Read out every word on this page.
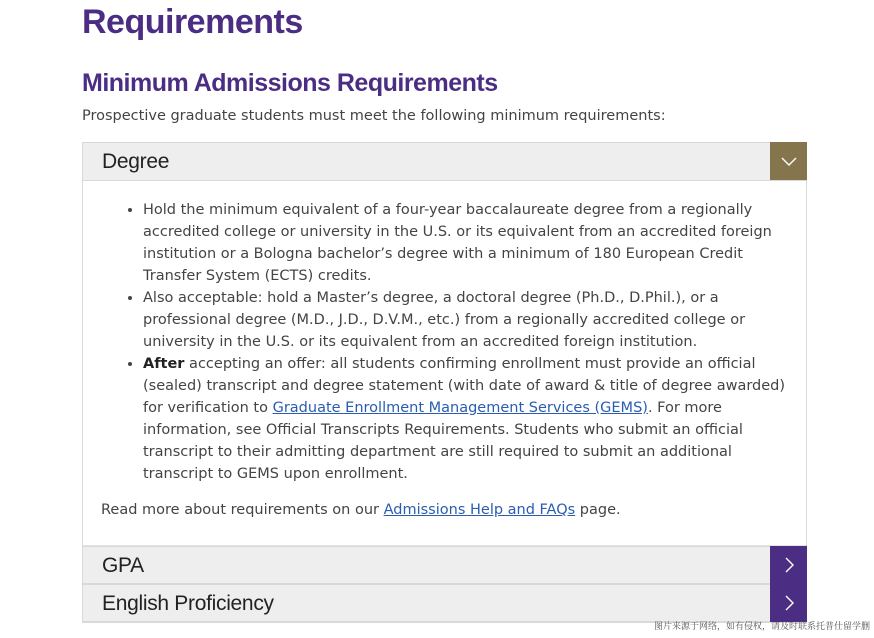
Requirements
Minimum Admissions Requirements

Prospective graduate students must meet the following minimum requirements:

Degree
• Hold the minimum equivalent of a four-year baccalaureate degree from a regionally accredited college or university in the U.S. or its equivalent from an accredited foreign institution or a Bologna bachelor’s degree with a minimum of 180 European Credit Transfer System (ECTS) credits.
• Also acceptable: hold a Master’s degree, a doctoral degree (Ph.D., D.Phil.), or a professional degree (M.D., J.D., D.V.M., etc.) from a regionally accredited college or university in the U.S. or its equivalent from an accredited foreign institution.
• After accepting an offer: all students confirming enrollment must provide an official (sealed) transcript and degree statement (with date of award & title of degree awarded) for verification to Graduate Enrollment Management Services (GEMS). For more information, see Official Transcripts Requirements. Students who submit an official transcript to their admitting department are still required to submit an additional transcript to GEMS upon enrollment.

Read more about requirements on our Admissions Help and FAQs page.

GPA
English Proficiency
图片来源于网络，如有侵权，请及时联系托普仕留学删
